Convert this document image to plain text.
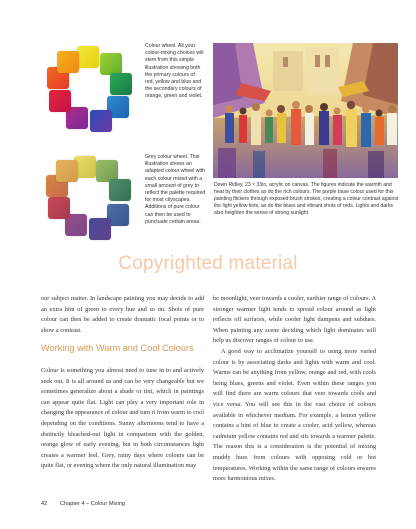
Colour wheel. All your colour-mixing choices will stem from this simple illustration showing both the primary colours of red, yellow and blue and the secondary colours of orange, green and violet.
Grey colour wheel. This illustration shows an adapted colour wheel with each colour mixed with a small amount of grey to reflect the palette required for most cityscapes. Additions of pure colour can then be used to punctuate certain areas.
Down Ridley, 23 × 33in, acrylic on canvas. The figures indicate the warmth and heat by their clothes as do the rich colours. The purple base colour used for this painting flickers through exposed brush strokes, creating a colour contrast against the light yellow tints, as do the blues and vibrant shots of reds. Lights and darks also heighten the sense of strong sunlight.
Copyrighted material
our subject matter. In landscape painting you may decide to add an extra hint of green to every hue and so on. Shots of pure colour can then be added to create dramatic focal points or to show a contrast.
Working with Warm and Cool Colours
Colour is something you almost need to tune in to and actively seek out. It is all around us and can be very changeable but we sometimes generalize about a shade or tint, which in paintings can appear quite flat. Light can play a very important role in changing the appearance of colour and turn it from warm to cool depending on the conditions. Sunny afternoons tend to have a distinctly bleached-out light in comparison with the golden, orange glow of early evening, but in both circumstances light creates a warmer feel. Grey, rainy days where colours can be quite flat, or evening where the only natural illumination may

be moonlight, veer towards a cooler, earthier range of colours. A stronger warmer light tends to spread colour around as light reflects off surfaces, while cooler light dampens and subdues. When painting any scene deciding which light dominates will help us discover ranges of colour to use.

A good way to acclimatize yourself to using more varied colour is by associating darks and lights with warm and cool. Warms can be anything from yellow, orange and red, with cools being blues, greens and violet. Even within these ranges you will find there are warm colours that veer towards cools and vice versa. You will see this in the vast choice of colours available in whichever medium. For example, a lemon yellow contains a hint of blue to create a cooler, acid yellow, whereas cadmium yellow contains red and sits towards a warmer palette. The reason this is a consideration is the potential of mixing muddy hues from colours with opposing cold or hot temperatures. Working within the same range of colours ensures more harmonious mixes.

42 Chapter 4 – Colour Mixing
